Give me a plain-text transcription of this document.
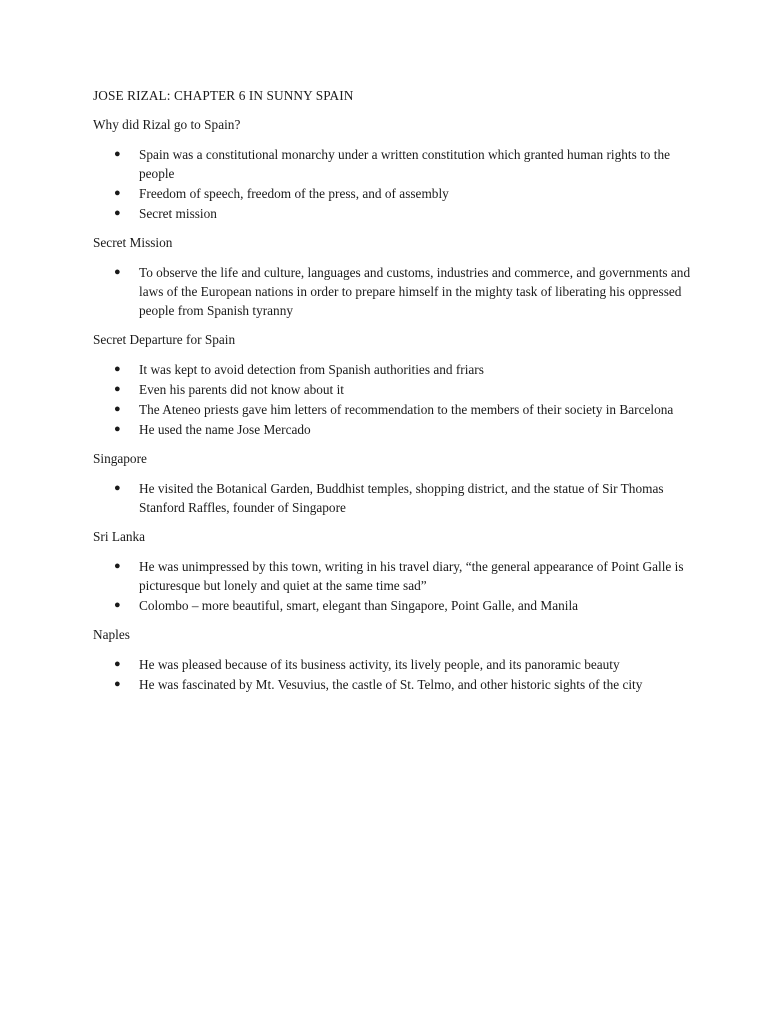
JOSE RIZAL: CHAPTER 6 IN SUNNY SPAIN

Why did Rizal go to Spain?

● Spain was a constitutional monarchy under a written constitution which granted human rights to the people
● Freedom of speech, freedom of the press, and of assembly
● Secret mission

Secret Mission

● To observe the life and culture, languages and customs, industries and commerce, and governments and laws of the European nations in order to prepare himself in the mighty task of liberating his oppressed people from Spanish tyranny

Secret Departure for Spain

● It was kept to avoid detection from Spanish authorities and friars
● Even his parents did not know about it
● The Ateneo priests gave him letters of recommendation to the members of their society in Barcelona
● He used the name Jose Mercado

Singapore

● He visited the Botanical Garden, Buddhist temples, shopping district, and the statue of Sir Thomas Stanford Raffles, founder of Singapore

Sri Lanka

● He was unimpressed by this town, writing in his travel diary, “the general appearance of Point Galle is picturesque but lonely and quiet at the same time sad”
● Colombo – more beautiful, smart, elegant than Singapore, Point Galle, and Manila

Naples

● He was pleased because of its business activity, its lively people, and its panoramic beauty
● He was fascinated by Mt. Vesuvius, the castle of St. Telmo, and other historic sights of the city
